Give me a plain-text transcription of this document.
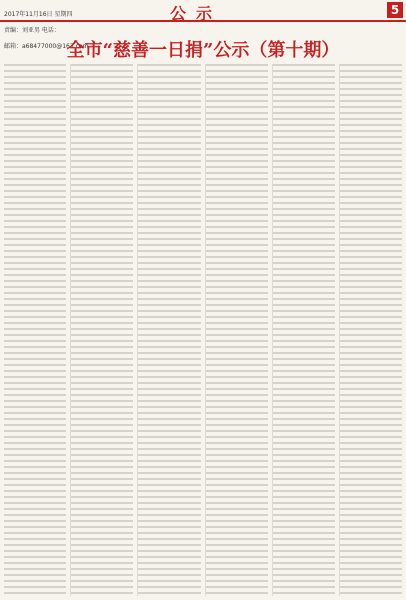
2017年11月16日 星期四

责编：刘亚男 电话：

邮箱：a68477000@163.com

公示	5
全市“慈善一日捐”公示（第十期）
